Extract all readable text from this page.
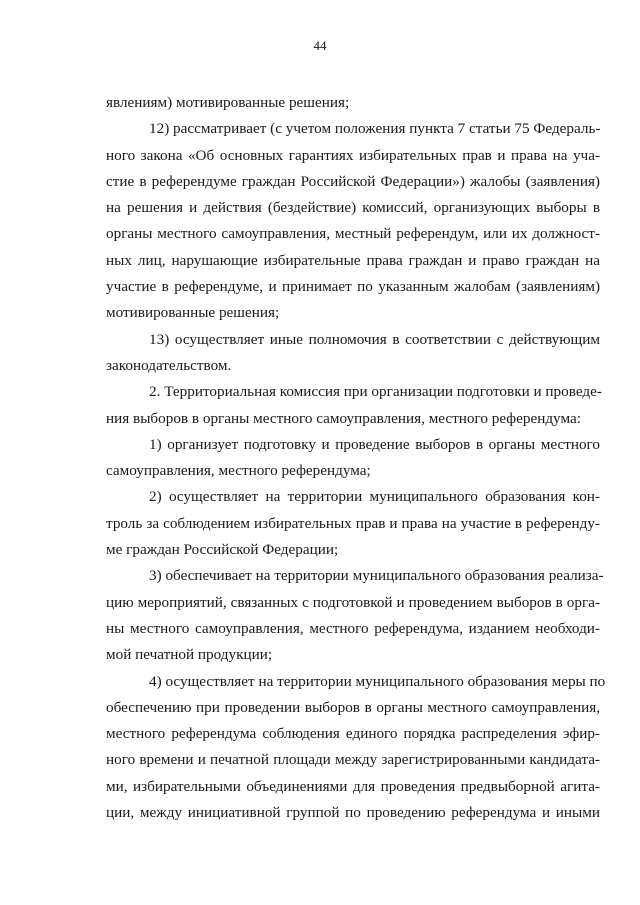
44
явлениям) мотивированные решения;
12) рассматривает (с учетом положения пункта 7 статьи 75 Федераль-
ного закона «Об основных гарантиях избирательных прав и права на уча-
стие в референдуме граждан Российской Федерации») жалобы (заявления)
на решения и действия (бездействие) комиссий, организующих выборы в
органы местного самоуправления, местный референдум, или их должност-
ных лиц, нарушающие избирательные права граждан и право граждан на
участие в референдуме, и принимает по указанным жалобам (заявлениям)
мотивированные решения;
13) осуществляет иные полномочия в соответствии с действующим
законодательством.
2. Территориальная комиссия при организации подготовки и проведе-
ния выборов в органы местного самоуправления, местного референдума:
1) организует подготовку и проведение выборов в органы местного
самоуправления, местного референдума;
2) осуществляет на территории муниципального образования кон-
троль за соблюдением избирательных прав и права на участие в референду-
ме граждан Российской Федерации;
3) обеспечивает на территории муниципального образования реализа-
цию мероприятий, связанных с подготовкой и проведением выборов в орга-
ны местного самоуправления, местного референдума, изданием необходи-
мой печатной продукции;
4) осуществляет на территории муниципального образования меры по
обеспечению при проведении выборов в органы местного самоуправления,
местного референдума соблюдения единого порядка распределения эфир-
ного времени и печатной площади между зарегистрированными кандидата-
ми, избирательными объединениями для проведения предвыборной агита-
ции, между инициативной группой по проведению референдума и иными
